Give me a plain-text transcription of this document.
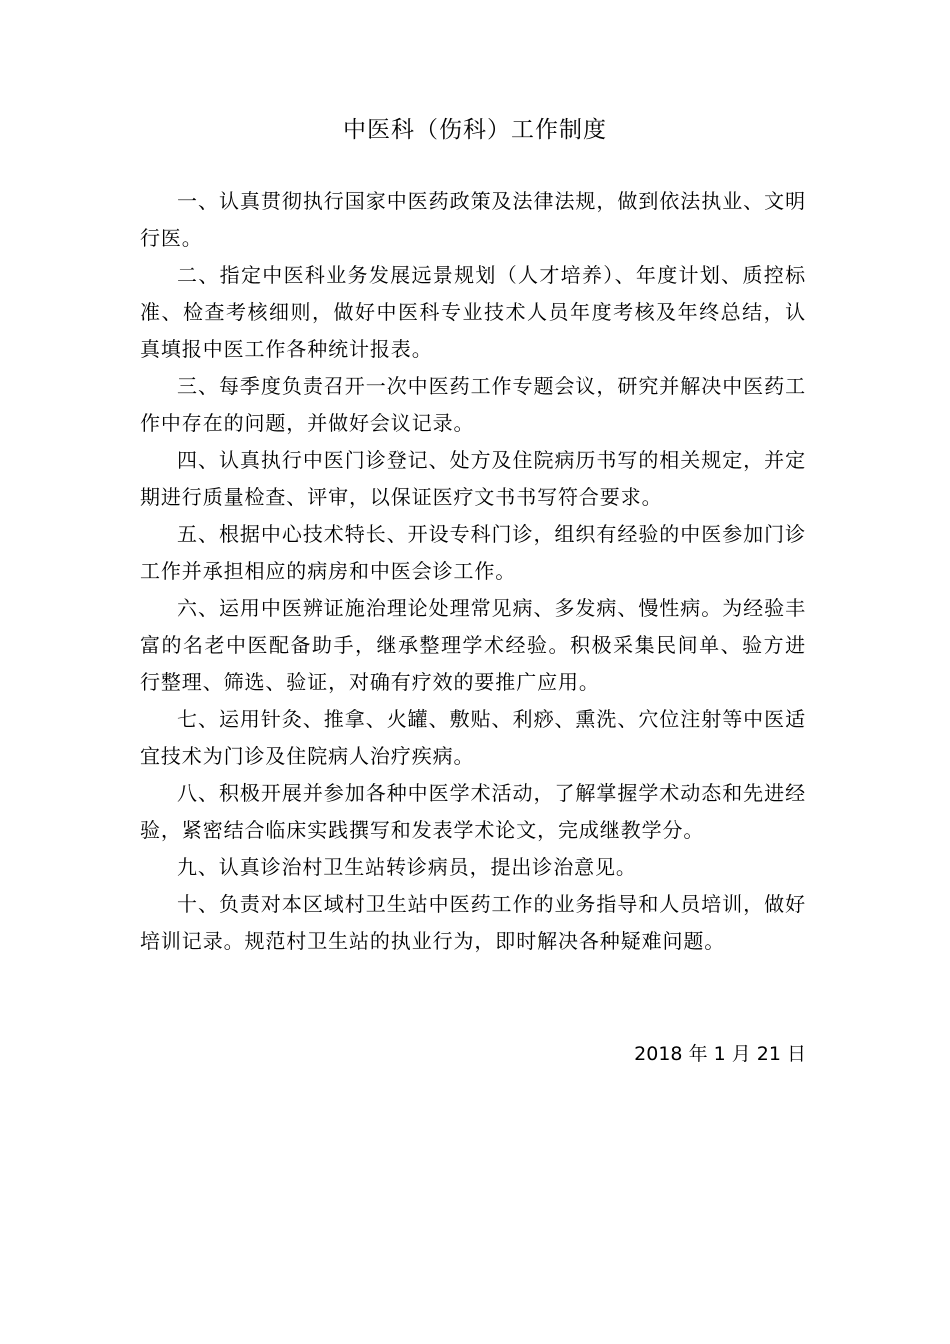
中医科（伤科）工作制度

一、认真贯彻执行国家中医药政策及法律法规，做到依法执业、文明行医。

二、指定中医科业务发展远景规划（人才培养）、年度计划、质控标准、检查考核细则，做好中医科专业技术人员年度考核及年终总结，认真填报中医工作各种统计报表。

三、每季度负责召开一次中医药工作专题会议，研究并解决中医药工作中存在的问题，并做好会议记录。

四、认真执行中医门诊登记、处方及住院病历书写的相关规定，并定期进行质量检查、评审，以保证医疗文书书写符合要求。

五、根据中心技术特长、开设专科门诊，组织有经验的中医参加门诊工作并承担相应的病房和中医会诊工作。

六、运用中医辨证施治理论处理常见病、多发病、慢性病。为经验丰富的名老中医配备助手，继承整理学术经验。积极采集民间单、验方进行整理、筛选、验证，对确有疗效的要推广应用。

七、运用针灸、推拿、火罐、敷贴、利痧、熏洗、穴位注射等中医适宜技术为门诊及住院病人治疗疾病。

八、积极开展并参加各种中医学术活动，了解掌握学术动态和先进经验，紧密结合临床实践撰写和发表学术论文，完成继教学分。

九、认真诊治村卫生站转诊病员，提出诊治意见。

十、负责对本区域村卫生站中医药工作的业务指导和人员培训，做好培训记录。规范村卫生站的执业行为，即时解决各种疑难问题。

2018 年 1 月 21 日
